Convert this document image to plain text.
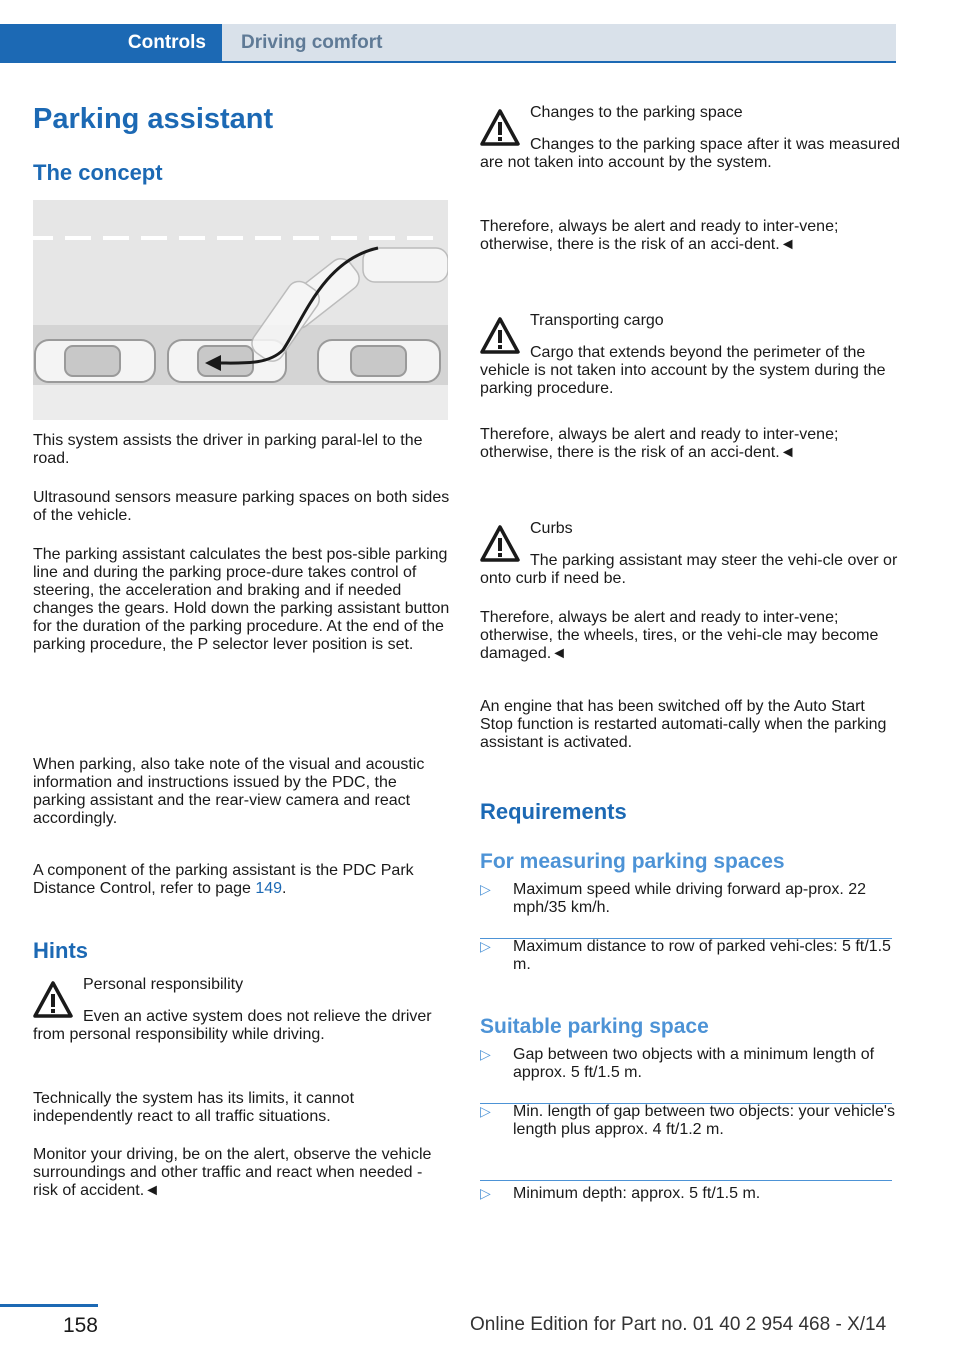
Controls	Driving comfort
Parking assistant
The concept

This system assists the driver in parking paral-lel to the road.

Ultrasound sensors measure parking spaces on both sides of the vehicle.

The parking assistant calculates the best pos-sible parking line and during the parking proce-dure takes control of steering, the acceleration and braking and if needed changes the gears. Hold down the parking assistant button for the duration of the parking procedure. At the end of the parking procedure, the P selector lever position is set.

When parking, also take note of the visual and acoustic information and instructions issued by the PDC, the parking assistant and the rear-view camera and react accordingly.

A component of the parking assistant is the PDC Park Distance Control, refer to page 149.

Hints
Personal responsibility

Even an active system does not relieve the driver from personal responsibility while driving.

Technically the system has its limits, it cannot independently react to all traffic situations.

Monitor your driving, be on the alert, observe the vehicle surroundings and other traffic and react when needed - risk of accident.◄

Changes to the parking space

Changes to the parking space after it was measured are not taken into account by the system.

Therefore, always be alert and ready to inter-vene; otherwise, there is the risk of an acci-dent.◄

Transporting cargo

Cargo that extends beyond the perimeter of the vehicle is not taken into account by the system during the parking procedure.

Therefore, always be alert and ready to inter-vene; otherwise, there is the risk of an acci-dent.◄

Curbs

The parking assistant may steer the vehi-cle over or onto curb if need be.

Therefore, always be alert and ready to inter-vene; otherwise, the wheels, tires, or the vehi-cle may become damaged.◄

An engine that has been switched off by the Auto Start Stop function is restarted automati-cally when the parking assistant is activated.

Requirements
For measuring parking spaces
▷ Maximum speed while driving forward ap-prox. 22 mph/35 km/h.
▷ Maximum distance to row of parked vehi-cles: 5 ft/1.5 m.
Suitable parking space
▷ Gap between two objects with a minimum length of approx. 5 ft/1.5 m.
▷ Min. length of gap between two objects: your vehicle's length plus approx. 4 ft/1.2 m.
▷ Minimum depth: approx. 5 ft/1.5 m.
158	Online Edition for Part no. 01 40 2 954 468 - X/14
